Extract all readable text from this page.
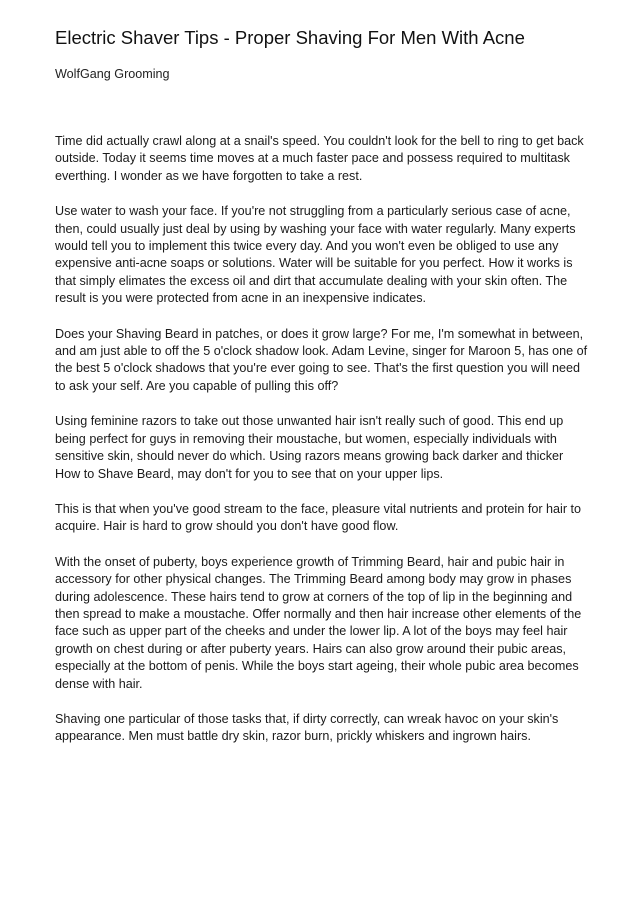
Electric Shaver Tips - Proper Shaving For Men With Acne
WolfGang Grooming

Time did actually crawl along at a snail's speed. You couldn't look for the bell to ring to get back outside. Today it seems time moves at a much faster pace and possess required to multitask everthing. I wonder as we have forgotten to take a rest.

Use water to wash your face. If you're not struggling from a particularly serious case of acne, then, could usually just deal by using by washing your face with water regularly. Many experts would tell you to implement this twice every day. And you won't even be obliged to use any expensive anti-acne soaps or solutions. Water will be suitable for you perfect. How it works is that simply elimates the excess oil and dirt that accumulate dealing with your skin often. The result is you were protected from acne in an inexpensive indicates.

Does your Shaving Beard in patches, or does it grow large? For me, I'm somewhat in between, and am just able to off the 5 o'clock shadow look. Adam Levine, singer for Maroon 5, has one of the best 5 o'clock shadows that you're ever going to see. That's the first question you will need to ask your self. Are you capable of pulling this off?

Using feminine razors to take out those unwanted hair isn't really such of good. This end up being perfect for guys in removing their moustache, but women, especially individuals with sensitive skin, should never do which. Using razors means growing back darker and thicker How to Shave Beard, may don't for you to see that on your upper lips.

This is that when you've good stream to the face, pleasure vital nutrients and protein for hair to acquire. Hair is hard to grow should you don't have good flow.

With the onset of puberty, boys experience growth of Trimming Beard, hair and pubic hair in accessory for other physical changes. The Trimming Beard among body may grow in phases during adolescence. These hairs tend to grow at corners of the top of lip in the beginning and then spread to make a moustache. Offer normally and then hair increase other elements of the face such as upper part of the cheeks and under the lower lip. A lot of the boys may feel hair growth on chest during or after puberty years. Hairs can also grow around their pubic areas, especially at the bottom of penis. While the boys start ageing, their whole pubic area becomes dense with hair.

Shaving one particular of those tasks that, if dirty correctly, can wreak havoc on your skin's appearance. Men must battle dry skin, razor burn, prickly whiskers and ingrown hairs.
